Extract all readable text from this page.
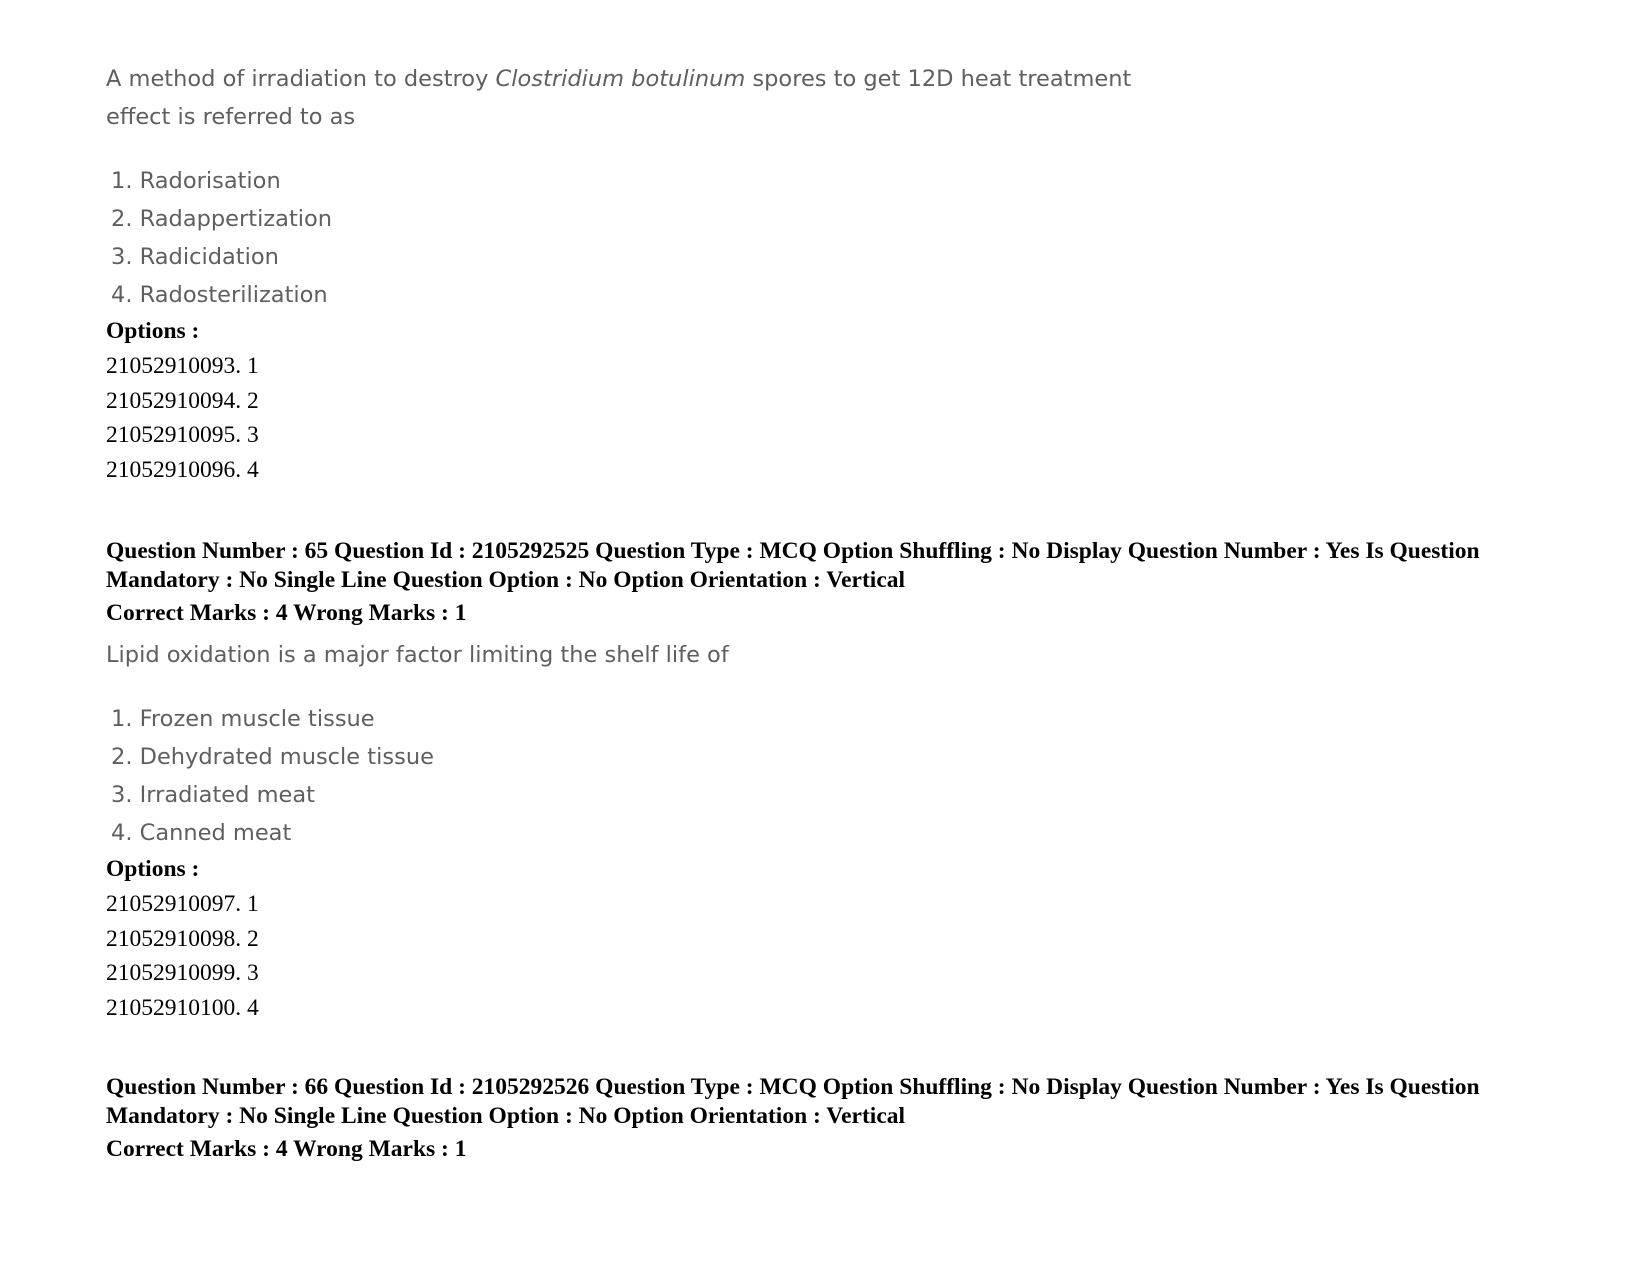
A method of irradiation to destroy Clostridium botulinum spores to get 12D heat treatment
effect is referred to as
1. Radorisation
2. Radappertization
3. Radicidation
4. Radosterilization
Options :
21052910093. 1
21052910094. 2
21052910095. 3
21052910096. 4
Question Number : 65 Question Id : 2105292525 Question Type : MCQ Option Shuffling : No Display Question Number : Yes Is Question Mandatory : No Single Line Question Option : No Option Orientation : Vertical
Correct Marks : 4 Wrong Marks : 1
Lipid oxidation is a major factor limiting the shelf life of
1. Frozen muscle tissue
2. Dehydrated muscle tissue
3. Irradiated meat
4. Canned meat
Options :
21052910097. 1
21052910098. 2
21052910099. 3
21052910100. 4
Question Number : 66 Question Id : 2105292526 Question Type : MCQ Option Shuffling : No Display Question Number : Yes Is Question Mandatory : No Single Line Question Option : No Option Orientation : Vertical
Correct Marks : 4 Wrong Marks : 1
